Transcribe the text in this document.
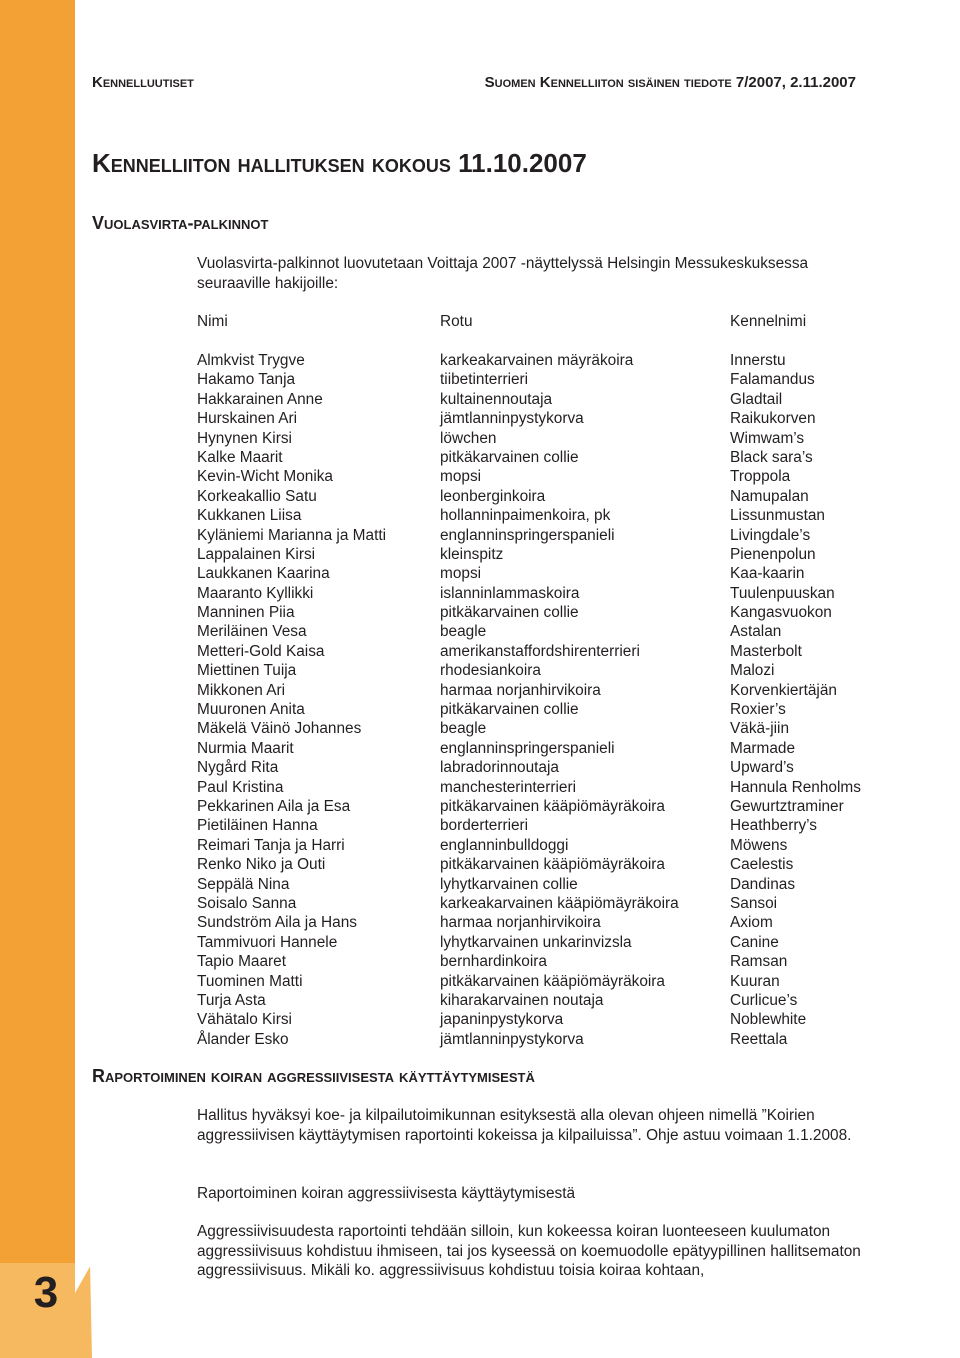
3
Kennelluutiset	Suomen Kennelliiton sisäinen tiedote 7/2007, 2.11.2007
Kennelliiton hallituksen kokous 11.10.2007
Vuolasvirta-palkinnot
Vuolasvirta-palkinnot luovutetaan Voittaja 2007 -näyttelyssä Helsingin Messukeskuksessa seuraaville hakijoille:
Nimi	Rotu	Kennelnimi
Almkvist Trygve	karkeakarvainen mäyräkoira	Innerstu
Hakamo Tanja	tiibetinterrieri	Falamandus
Hakkarainen Anne	kultainennoutaja	Gladtail
Hurskainen Ari	jämtlanninpystykorva	Raikukorven
Hynynen Kirsi	löwchen	Wimwam’s
Kalke Maarit	pitkäkarvainen collie	Black sara’s
Kevin-Wicht Monika	mopsi	Troppola
Korkeakallio Satu	leonberginkoira	Namupalan
Kukkanen Liisa	hollanninpaimenkoira, pk	Lissunmustan
Kyläniemi Marianna ja Matti	englanninspringerspanieli	Livingdale’s
Lappalainen Kirsi	kleinspitz	Pienenpolun
Laukkanen Kaarina	mopsi	Kaa-kaarin
Maaranto Kyllikki	islanninlammaskoira	Tuulenpuuskan
Manninen Piia	pitkäkarvainen collie	Kangasvuokon
Meriläinen Vesa	beagle	Astalan
Metteri-Gold Kaisa	amerikanstaffordshirenterrieri	Masterbolt
Miettinen Tuija	rhodesiankoira	Malozi
Mikkonen Ari	harmaa norjanhirvikoira	Korvenkiertäjän
Muuronen Anita	pitkäkarvainen collie	Roxier’s
Mäkelä Väinö Johannes	beagle	Väkä-jiin
Nurmia Maarit	englanninspringerspanieli	Marmade
Nygård Rita	labradorinnoutaja	Upward’s
Paul Kristina	manchesterinterrieri	Hannula Renholms
Pekkarinen Aila ja Esa	pitkäkarvainen kääpiömäyräkoira	Gewurtztraminer
Pietiläinen Hanna	borderterrieri	Heathberry’s
Reimari Tanja ja Harri	englanninbulldoggi	Möwens
Renko Niko ja Outi	pitkäkarvainen kääpiömäyräkoira	Caelestis
Seppälä Nina	lyhytkarvainen collie	Dandinas
Soisalo Sanna	karkeakarvainen kääpiömäyräkoira	Sansoi
Sundström Aila ja Hans	harmaa norjanhirvikoira	Axiom
Tammivuori Hannele	lyhytkarvainen unkarinvizsla	Canine
Tapio Maaret	bernhardinkoira	Ramsan
Tuominen Matti	pitkäkarvainen kääpiömäyräkoira	Kuuran
Turja Asta	kiharakarvainen noutaja	Curlicue’s
Vähätalo Kirsi	japaninpystykorva	Noblewhite
Ålander Esko	jämtlanninpystykorva	Reettala
Raportoiminen koiran aggressiivisesta käyttäytymisestä
Hallitus hyväksyi koe- ja kilpailutoimikunnan esityksestä alla olevan ohjeen nimellä ”Koirien aggressiivisen käyttäytymisen raportointi kokeissa ja kilpailuissa”. Ohje astuu voimaan 1.1.2008.
Raportoiminen koiran aggressiivisesta käyttäytymisestä
Aggressiivisuudesta raportointi tehdään silloin, kun kokeessa koiran luonteeseen kuulumaton aggressiivisuus kohdistuu ihmiseen, tai jos kyseessä on koemuodolle epätyypillinen hallitsematon aggressiivisuus. Mikäli ko. aggressiivisuus kohdistuu toisia koiraa kohtaan,
